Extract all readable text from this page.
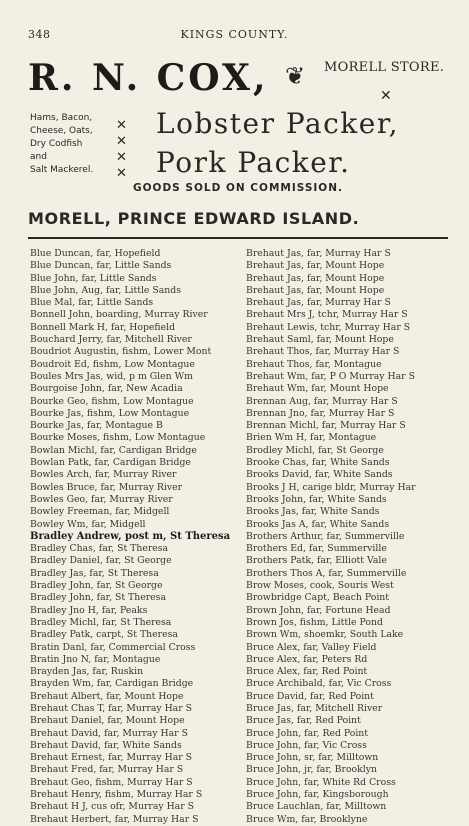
348	KINGS COUNTY.
R. N. COX, ❦ MORELL STORE.
✕
Hams, Bacon,
Cheese, Oats,
Dry Codfish
and
Salt Mackerel.
✕
✕
✕
✕
Lobster Packer,
Pork Packer.
GOODS SOLD ON COMMISSION.
MORELL, PRINCE EDWARD ISLAND.
Blue Duncan, far, Hopefield
Blue Duncan, far, Little Sands
Blue John, far, Little Sands
Blue John, Aug, far, Little Sands
Blue Mal, far, Little Sands
Bonnell John, boarding, Murray River
Bonnell Mark H, far, Hopefield
Bouchard Jerry, far, Mitchell River
Boudriot Augustin, fishm, Lower Mont
Boudroit Ed, fishm, Low Montague
Boules Mrs Jas, wid, p m Glen Wm
Bourgoise John, far, New Acadia
Bourke Geo, fishm, Low Montague
Bourke Jas, fishm, Low Montague
Bourke Jas, far, Montague B
Bourke Moses, fishm, Low Montague
Bowlan Michl, far, Cardigan Bridge
Bowlan Patk, far, Cardigan Bridge
Bowles Arch, far, Murray River
Bowles Bruce, far, Murray River
Bowles Geo, far, Murray River
Bowley Freeman, far, Midgell
Bowley Wm, far, Midgell
Bradley Andrew, post m, St Theresa
Bradley Chas, far, St Theresa
Bradley Daniel, far, St George
Bradley Jas, far, St Theresa
Bradley John, far, St George
Bradley John, far, St Theresa
Bradley Jno H, far, Peaks
Bradley Michl, far, St Theresa
Bradley Patk, carpt, St Theresa
Bratin Danl, far, Commercial Cross
Bratin Jno N, far, Montague
Brayden Jas, far, Ruskin
Brayden Wm, far, Cardigan Bridge
Brehaut Albert, far, Mount Hope
Brehaut Chas T, far, Murray Har S
Brehaut Daniel, far, Mount Hope
Brehaut David, far, Murray Har S
Brehaut David, far, White Sands
Brehaut Ernest, far, Murray Har S
Brehaut Fred, far, Murray Har S
Brehaut Geo, fishm, Murray Har S
Brehaut Henry, fishm, Murray Har S
Brehaut H J, cus ofr, Murray Har S
Brehaut Herbert, far, Murray Har S
Brehaut Jas, far, Murray Har S
Brehaut Jas, far, Mount Hope
Brehaut Jas, far, Mount Hope
Brehaut Jas, far, Mount Hope
Brehaut Jas, far, Murray Har S
Brehaut Mrs J, tchr, Murray Har S
Brehaut Lewis, tchr, Murray Har S
Brehaut Saml, far, Mount Hope
Brehaut Thos, far, Murray Har S
Brehaut Thos, far, Montague
Brehaut Wm, far, P O Murray Har S
Brehaut Wm, far, Mount Hope
Brennan Aug, far, Murray Har S
Brennan Jno, far, Murray Har S
Brennan Michl, far, Murray Har S
Brien Wm H, far, Montague
Brodley Michl, far, St George
Brooke Chas, far, White Sands
Brooks David, far, White Sands
Brooks J H, carige bldr, Murray Har
Brooks John, far, White Sands
Brooks Jas, far, White Sands
Brooks Jas A, far, White Sands
Brothers Arthur, far, Summerville
Brothers Ed, far, Summerville
Brothers Patk, far, Elliott Vale
Brothers Thos A, far, Summerville
Brow Moses, cook, Souris West
Browbridge Capt, Beach Point
Brown John, far, Fortune Head
Brown Jos, fishm, Little Pond
Brown Wm, shoemkr, South Lake
Bruce Alex, far, Valley Field
Bruce Alex, far, Peters Rd
Bruce Alex, far, Red Point
Bruce Archibald, far, Vic Cross
Bruce David, far, Red Point
Bruce Jas, far, Mitchell River
Bruce Jas, far, Red Point
Bruce John, far, Red Point
Bruce John, far, Vic Cross
Bruce John, sr, far, Milltown
Bruce John, jr, far, Brooklyn
Bruce John, far, White Rd Cross
Bruce John, far, Kingsborough
Bruce Lauchlan, far, Milltown
Bruce Wm, far, Brooklyne
